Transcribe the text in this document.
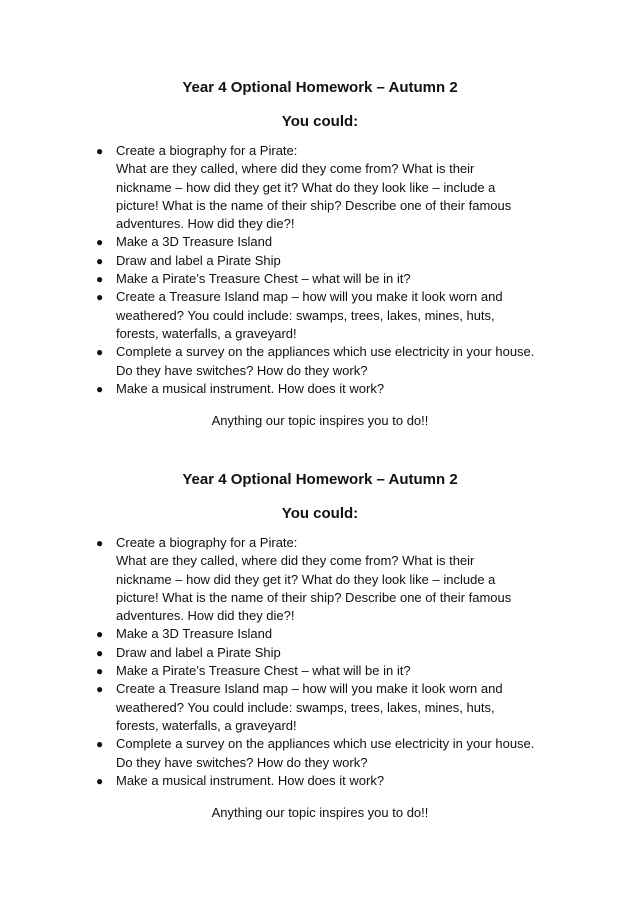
Year 4 Optional Homework – Autumn 2

You could:

● Create a biography for a Pirate:
What are they called, where did they come from? What is their
nickname – how did they get it? What do they look like – include a
picture! What is the name of their ship? Describe one of their famous
adventures. How did they die?!
● Make a 3D Treasure Island
● Draw and label a Pirate Ship
● Make a Pirate’s Treasure Chest – what will be in it?
● Create a Treasure Island map – how will you make it look worn and
weathered? You could include: swamps, trees, lakes, mines, huts,
forests, waterfalls, a graveyard!
● Complete a survey on the appliances which use electricity in your house.
Do they have switches? How do they work?
● Make a musical instrument. How does it work?

Anything our topic inspires you to do!!

Year 4 Optional Homework – Autumn 2

You could:

● Create a biography for a Pirate:
What are they called, where did they come from? What is their
nickname – how did they get it? What do they look like – include a
picture! What is the name of their ship? Describe one of their famous
adventures. How did they die?!
● Make a 3D Treasure Island
● Draw and label a Pirate Ship
● Make a Pirate’s Treasure Chest – what will be in it?
● Create a Treasure Island map – how will you make it look worn and
weathered? You could include: swamps, trees, lakes, mines, huts,
forests, waterfalls, a graveyard!
● Complete a survey on the appliances which use electricity in your house.
Do they have switches? How do they work?
● Make a musical instrument. How does it work?

Anything our topic inspires you to do!!
